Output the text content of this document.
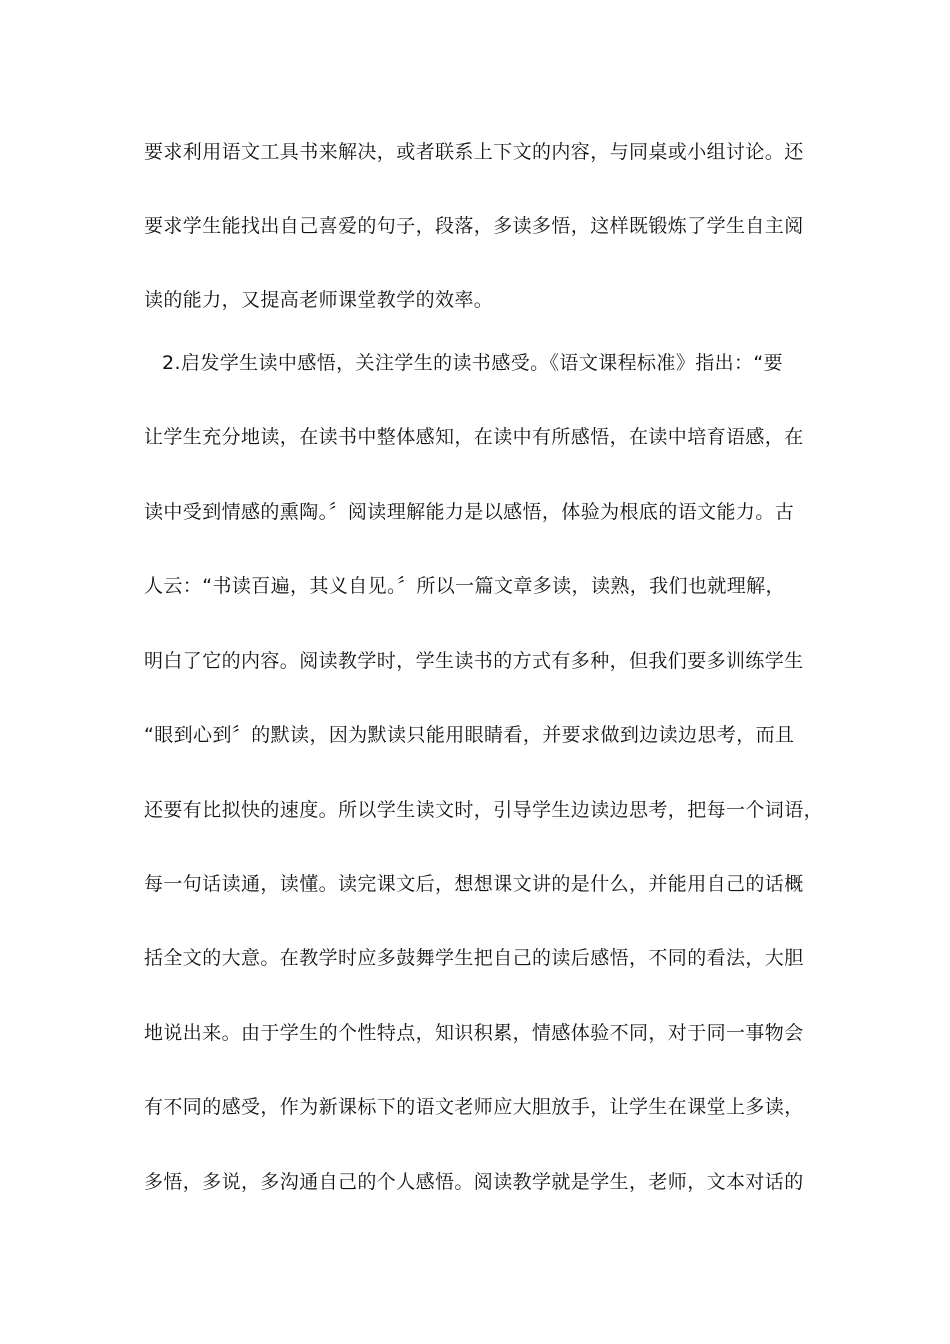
要求利用语文工具书来解决，或者联系上下文的内容，与同桌或小组讨论。还
要求学生能找出自己喜爱的句子，段落，多读多悟，这样既锻炼了学生自主阅
读的能力，又提高老师课堂教学的效率。
2.启发学生读中感悟，关注学生的读书感受。《语文课程标准》指出：“要
让学生充分地读，在读书中整体感知，在读中有所感悟，在读中培育语感，在
读中受到情感的熏陶。〞阅读理解能力是以感悟，体验为根底的语文能力。古
人云：“书读百遍，其义自见。〞所以一篇文章多读，读熟，我们也就理解，
明白了它的内容。阅读教学时，学生读书的方式有多种，但我们要多训练学生
“眼到心到〞的默读，因为默读只能用眼睛看，并要求做到边读边思考，而且
还要有比拟快的速度。所以学生读文时，引导学生边读边思考，把每一个词语，
每一句话读通，读懂。读完课文后，想想课文讲的是什么，并能用自己的话概
括全文的大意。在教学时应多鼓舞学生把自己的读后感悟，不同的看法，大胆
地说出来。由于学生的个性特点，知识积累，情感体验不同，对于同一事物会
有不同的感受，作为新课标下的语文老师应大胆放手，让学生在课堂上多读，
多悟，多说，多沟通自己的个人感悟。阅读教学就是学生，老师，文本对话的
